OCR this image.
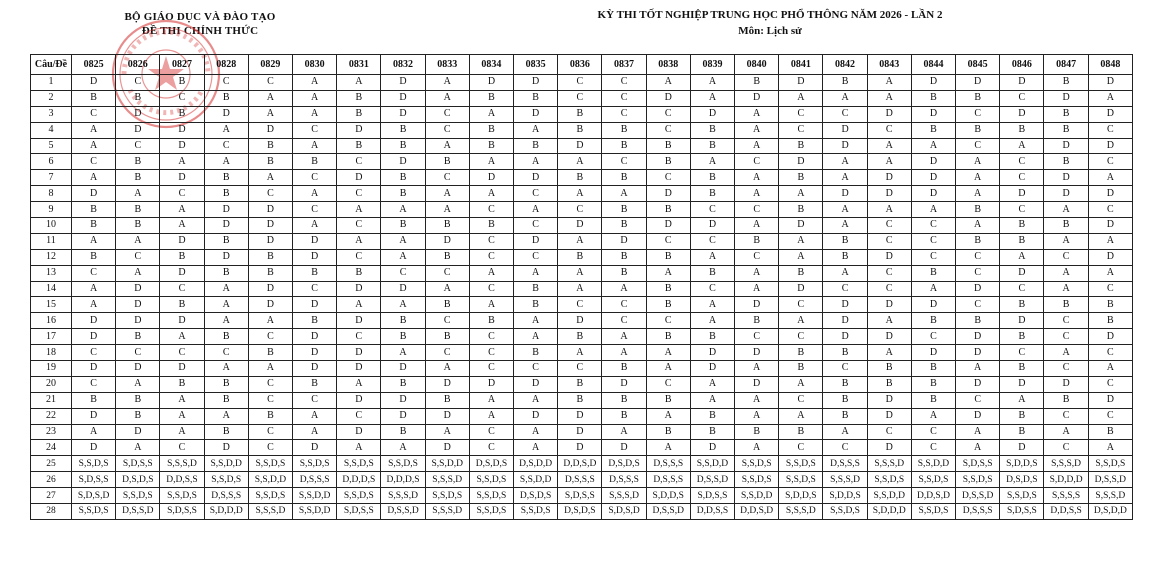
BỘ GIÁO DỤC VÀ ĐÀO TẠO
ĐỀ THI CHÍNH THỨC
KỲ THI TỐT NGHIỆP TRUNG HỌC PHỔ THÔNG NĂM 2026 - LẦN 2
Môn: Lịch sử
Câu/Đề	0825	0826	0827	0828	0829	0830	0831	0832	0833	0834	0835	0836	0837	0838	0839	0840	0841	0842	0843	0844	0845	0846	0847	0848
1	D	C	B	C	C	A	A	D	A	D	D	C	C	A	A	B	D	B	A	D	D	D	B	D
2	B	B	C	B	A	A	B	D	A	B	B	C	C	D	A	D	A	A	A	B	B	C	D	A
3	C	D	B	D	A	A	B	D	C	A	D	B	C	C	D	A	C	C	D	D	C	D	B	D
4	A	D	D	A	D	C	D	B	C	B	A	B	B	C	B	A	C	D	C	B	B	B	B	C
5	A	C	D	C	B	A	B	B	A	B	B	D	B	B	B	A	B	D	A	A	C	A	D	D
6	C	B	A	A	B	B	C	D	B	A	A	A	C	B	A	C	D	A	A	D	A	C	B	C
7	A	B	D	B	A	C	D	B	C	D	D	B	B	C	B	A	B	A	D	D	A	C	D	A
8	D	A	C	B	C	A	C	B	A	A	C	A	A	D	B	A	A	D	D	D	A	D	D	D
9	B	B	A	D	D	C	A	A	A	C	A	C	B	B	C	C	B	A	A	A	B	C	A	C
10	B	B	A	D	D	A	C	B	B	B	C	D	B	D	D	A	D	A	C	C	A	B	B	D
11	A	A	D	B	D	D	A	A	D	C	D	A	D	C	C	B	A	B	C	C	B	B	A	A
12	B	C	B	D	B	D	C	A	B	C	C	B	B	B	A	C	A	B	D	C	C	A	C	D
13	C	A	D	B	B	B	B	C	C	A	A	A	B	A	B	A	B	A	C	B	C	D	A	A
14	A	D	C	A	D	C	D	D	A	C	B	A	A	B	C	A	D	C	C	A	D	C	A	C
15	A	D	B	A	D	D	A	A	B	A	B	C	C	B	A	D	C	D	D	D	C	B	B	B
16	D	D	D	A	A	B	D	B	C	B	A	D	C	C	A	B	A	D	A	B	B	D	C	B
17	D	B	A	B	C	D	C	B	B	C	A	B	A	B	B	C	C	D	D	C	D	B	C	D
18	C	C	C	C	B	D	D	A	C	C	B	A	A	A	D	D	B	B	A	D	D	C	A	C
19	D	D	D	A	A	D	D	D	A	C	C	C	B	A	D	A	B	C	B	B	A	B	C	A
20	C	A	B	B	C	B	A	B	D	D	D	B	D	C	A	D	A	B	B	B	D	D	D	C
21	B	B	A	B	C	C	D	D	B	A	A	B	B	B	A	A	C	B	D	B	C	A	B	D
22	D	B	A	A	B	A	C	D	D	A	D	D	B	A	B	A	A	B	D	A	D	B	C	C
23	A	D	A	B	C	A	D	B	A	C	A	D	A	B	B	B	B	A	C	C	A	B	A	B
24	D	A	C	D	C	D	A	A	D	C	A	D	D	A	D	A	C	C	D	C	A	D	C	A
25	S,S,D,S	S,D,S,S	S,S,S,D	S,S,D,D	S,S,D,S	S,S,D,S	S,S,D,S	S,S,D,S	S,S,D,D	D,S,D,S	D,S,D,D	D,D,S,D	D,S,D,S	D,S,S,S	S,S,D,D	S,S,D,S	S,S,D,S	D,S,S,S	S,S,S,D	S,S,D,D	S,D,S,S	S,D,D,S	S,S,S,D	S,S,D,S
26	S,D,S,S	D,S,D,S	D,D,S,S	S,S,D,S	S,S,D,D	D,S,S,S	D,D,D,S	D,D,D,S	S,S,S,D	S,S,D,S	S,S,D,D	D,S,S,S	D,S,S,S	D,S,S,S	D,S,S,D	S,S,D,S	S,S,D,S	S,S,S,D	S,S,D,S	S,S,D,S	S,S,D,S	D,S,D,S	S,D,D,D	D,S,S,D
27	S,D,S,D	S,S,D,S	S,S,D,S	D,S,S,S	S,S,D,S	S,S,D,D	S,S,D,S	S,S,S,D	S,S,D,S	S,S,D,S	D,S,D,S	S,D,S,S	S,S,S,D	S,D,D,S	S,D,S,S	S,S,D,D	S,D,D,S	S,D,D,S	S,S,D,D	D,D,S,D	D,S,S,D	S,S,D,S	S,S,S,S	S,S,S,D
28	S,S,D,S	D,S,S,D	S,D,S,S	S,D,D,D	S,S,S,D	S,S,D,D	S,D,S,S	D,S,S,D	S,S,S,D	S,S,D,S	S,S,D,S	D,S,D,S	S,D,S,D	D,S,S,D	D,D,S,S	D,D,S,D	S,S,S,D	S,S,D,S	S,D,D,D	S,S,D,S	D,S,S,S	S,D,S,S	D,D,S,S	D,S,D,D
